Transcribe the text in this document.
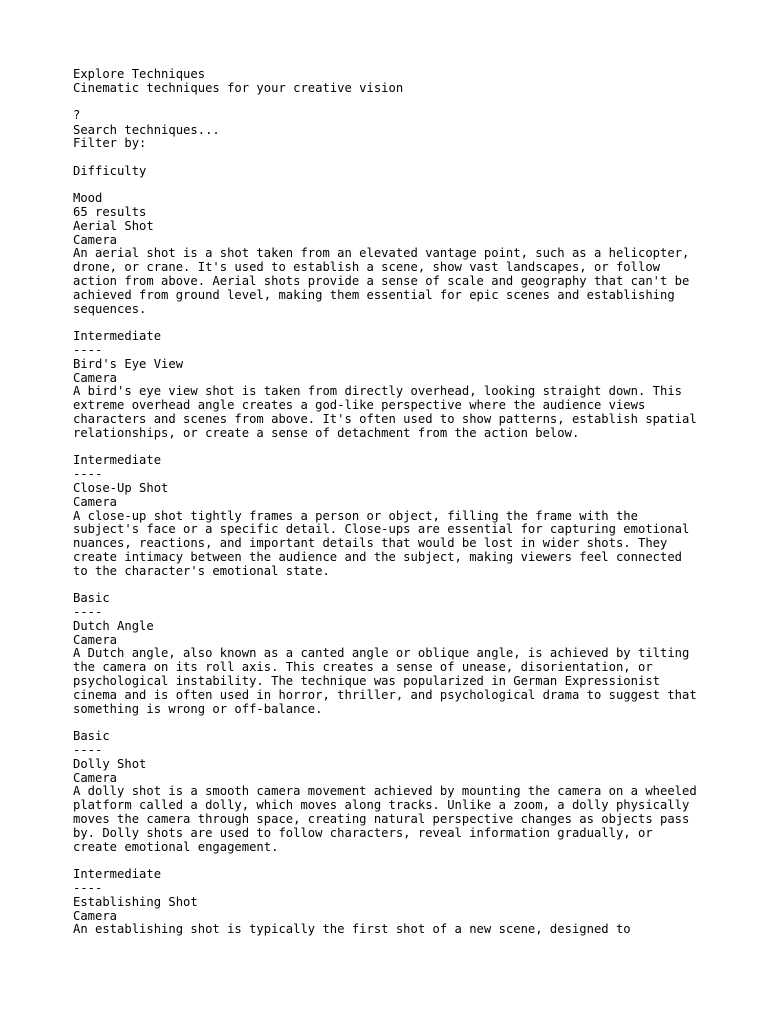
Explore Techniques
Cinematic techniques for your creative vision
?
Search techniques...
Filter by:
Difficulty
Mood
65 results
Aerial Shot
Camera
An aerial shot is a shot taken from an elevated vantage point, such as a helicopter, drone, or crane. It's used to establish a scene, show vast landscapes, or follow action from above. Aerial shots provide a sense of scale and geography that can't be achieved from ground level, making them essential for epic scenes and establishing sequences.
Intermediate
----
Bird's Eye View
Camera
A bird's eye view shot is taken from directly overhead, looking straight down. This extreme overhead angle creates a god-like perspective where the audience views characters and scenes from above. It's often used to show patterns, establish spatial relationships, or create a sense of detachment from the action below.
Intermediate
----
Close-Up Shot
Camera
A close-up shot tightly frames a person or object, filling the frame with the subject's face or a specific detail. Close-ups are essential for capturing emotional nuances, reactions, and important details that would be lost in wider shots. They create intimacy between the audience and the subject, making viewers feel connected to the character's emotional state.
Basic
----
Dutch Angle
Camera
A Dutch angle, also known as a canted angle or oblique angle, is achieved by tilting the camera on its roll axis. This creates a sense of unease, disorientation, or psychological instability. The technique was popularized in German Expressionist cinema and is often used in horror, thriller, and psychological drama to suggest that something is wrong or off-balance.
Basic
----
Dolly Shot
Camera
A dolly shot is a smooth camera movement achieved by mounting the camera on a wheeled platform called a dolly, which moves along tracks. Unlike a zoom, a dolly physically moves the camera through space, creating natural perspective changes as objects pass by. Dolly shots are used to follow characters, reveal information gradually, or create emotional engagement.
Intermediate
----
Establishing Shot
Camera
An establishing shot is typically the first shot of a new scene, designed to
